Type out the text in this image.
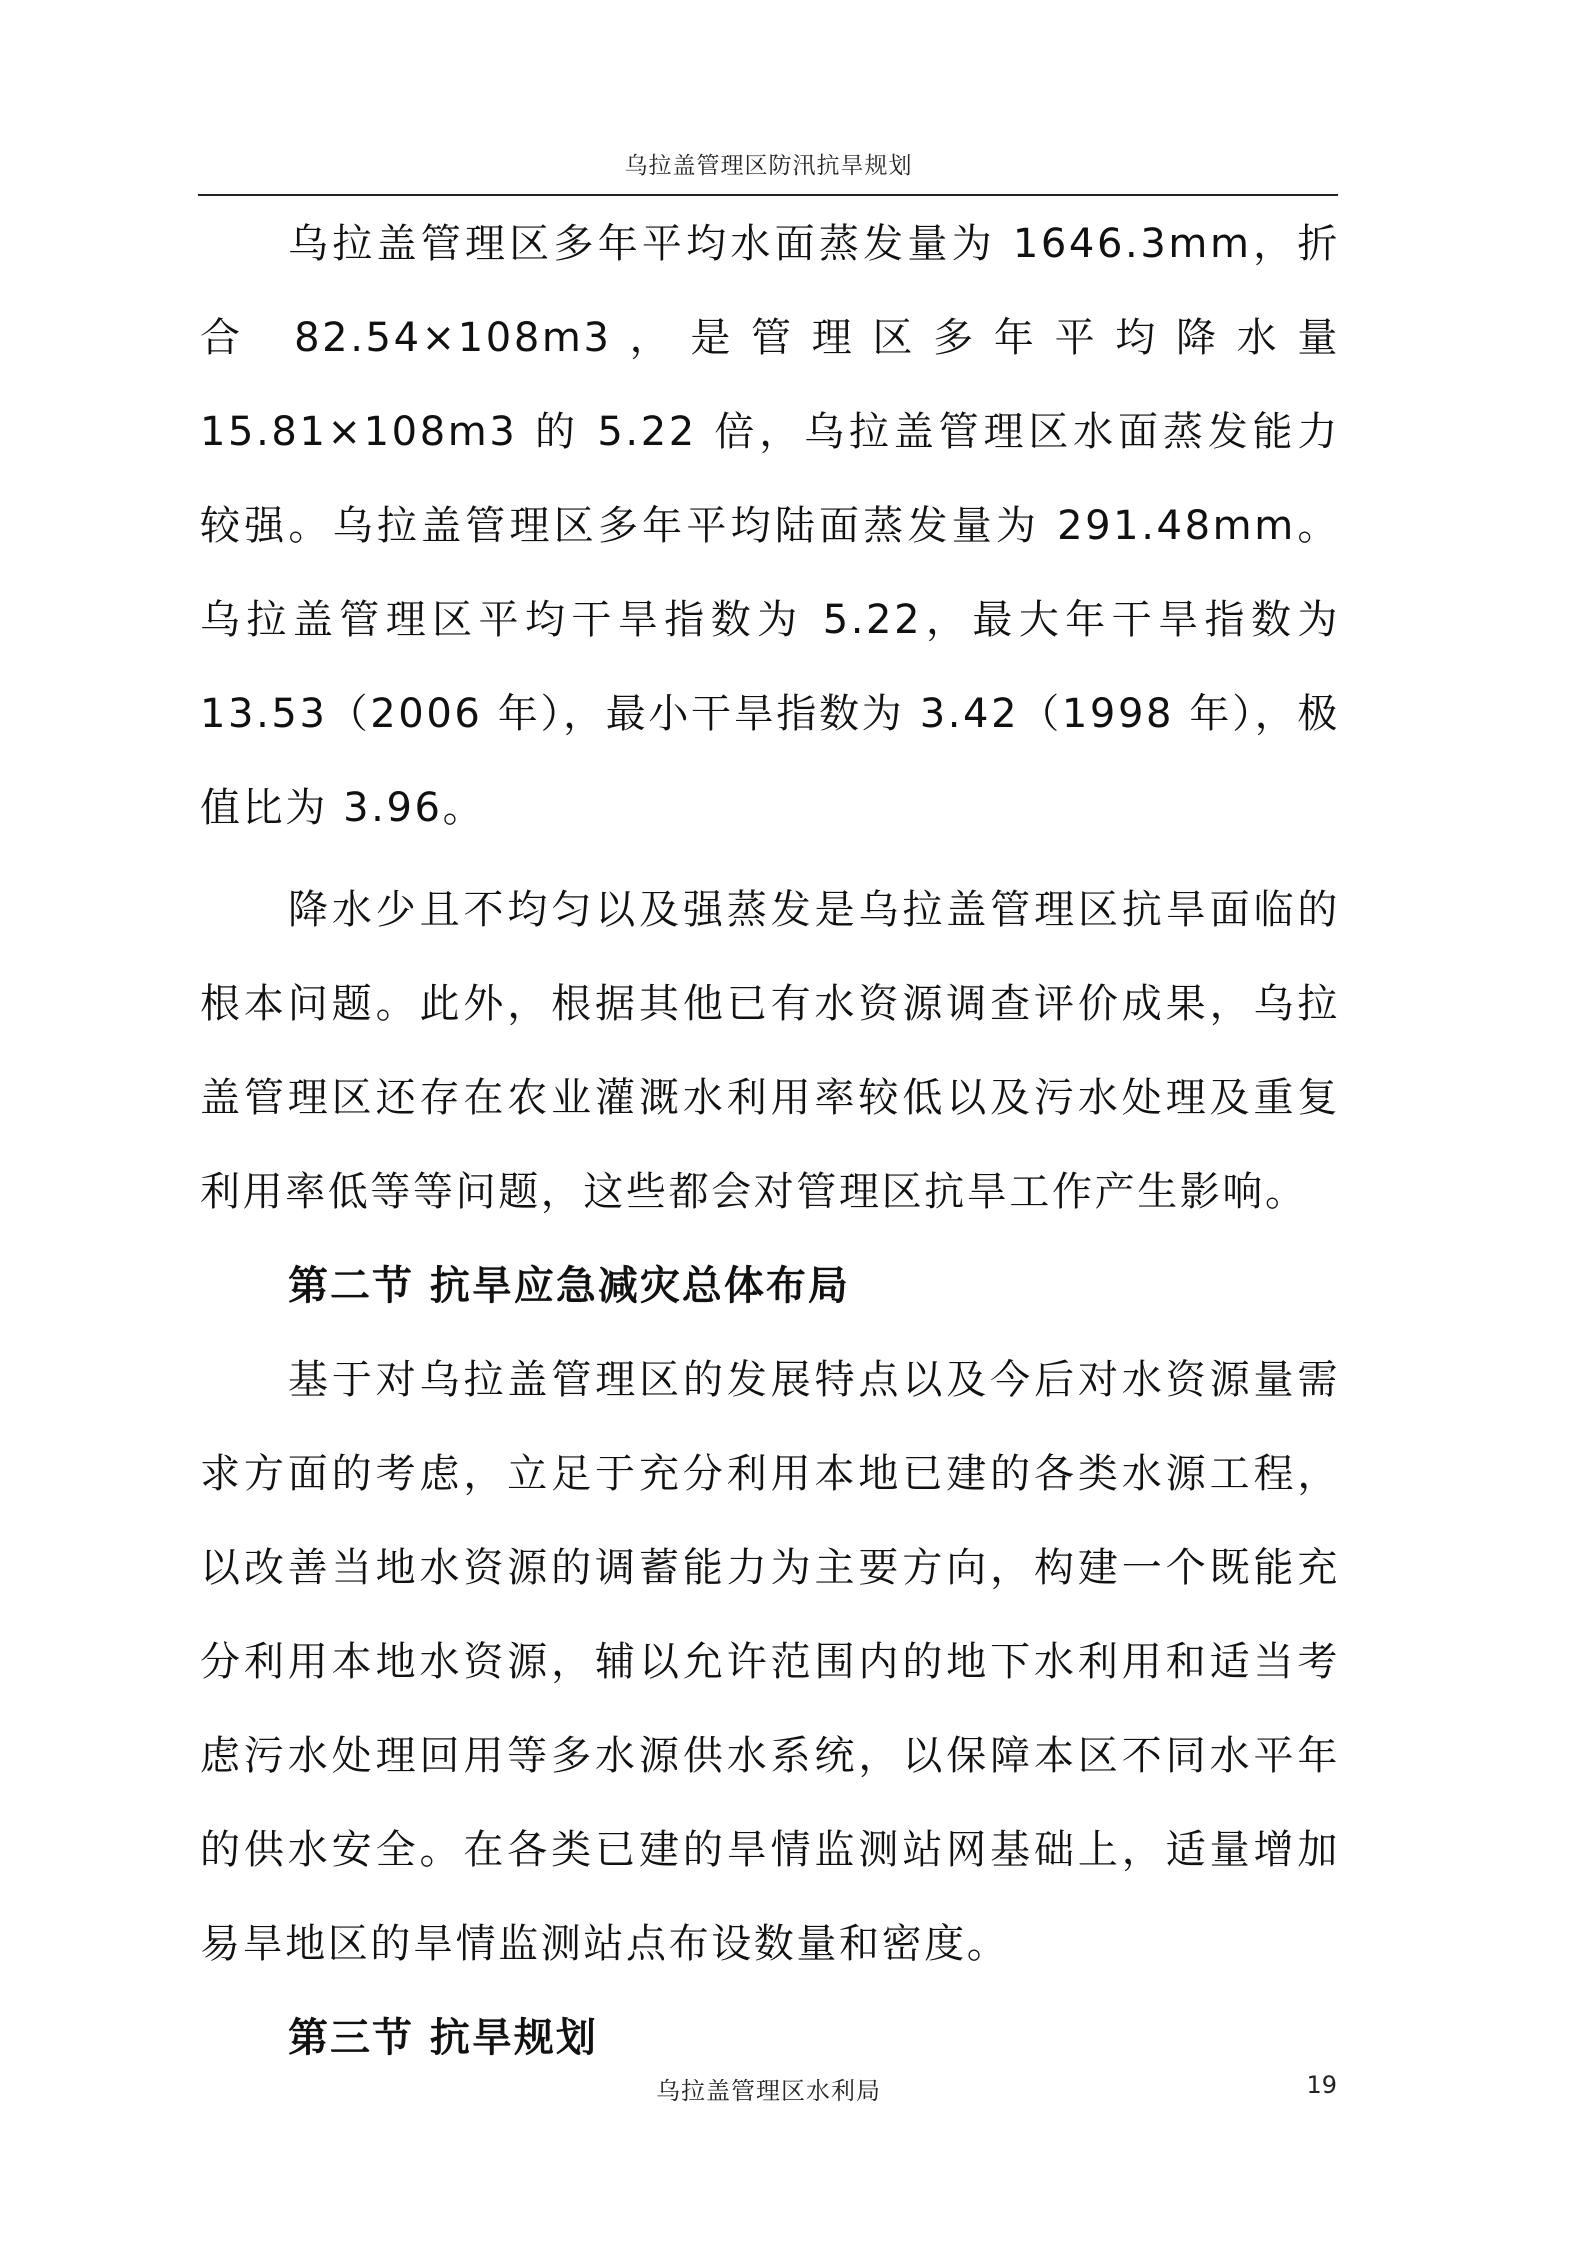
乌拉盖管理区防汛抗旱规划

乌拉盖管理区多年平均水面蒸发量为 1646.3mm，折合 82.54×108m3，是管理区多年平均降水量 15.81×108m3 的 5.22 倍，乌拉盖管理区水面蒸发能力较强。乌拉盖管理区多年平均陆面蒸发量为 291.48mm。乌拉盖管理区平均干旱指数为 5.22，最大年干旱指数为 13.53（2006 年），最小干旱指数为 3.42（1998 年），极值比为 3.96。

降水少且不均匀以及强蒸发是乌拉盖管理区抗旱面临的根本问题。此外，根据其他已有水资源调查评价成果，乌拉盖管理区还存在农业灌溉水利用率较低以及污水处理及重复利用率低等等问题，这些都会对管理区抗旱工作产生影响。

第二节 抗旱应急减灾总体布局

基于对乌拉盖管理区的发展特点以及今后对水资源量需求方面的考虑，立足于充分利用本地已建的各类水源工程，以改善当地水资源的调蓄能力为主要方向，构建一个既能充分利用本地水资源，辅以允许范围内的地下水利用和适当考虑污水处理回用等多水源供水系统，以保障本区不同水平年的供水安全。在各类已建的旱情监测站网基础上，适量增加易旱地区的旱情监测站点布设数量和密度。

第三节 抗旱规划
乌拉盖管理区水利局	19
